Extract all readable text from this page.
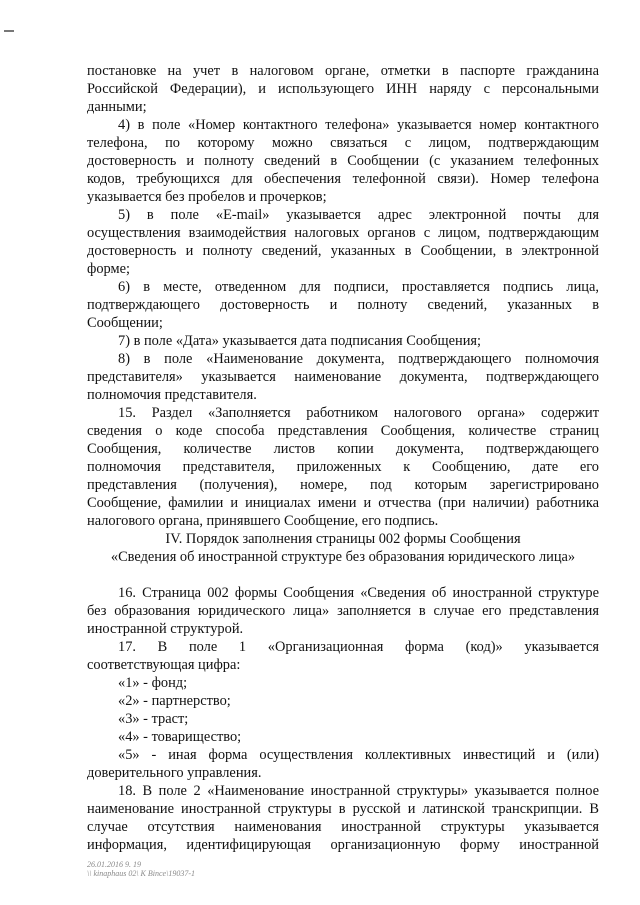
постановке на учет в налоговом органе, отметки в паспорте гражданина
Российской Федерации), и использующего ИНН наряду с персональными
данными;
4) в поле «Номер контактного телефона» указывается номер контактного
телефона, по которому можно связаться с лицом, подтверждающим
достоверность и полноту сведений в Сообщении (с указанием телефонных
кодов, требующихся для обеспечения телефонной связи). Номер телефона
указывается без пробелов и прочерков;
5) в поле «E-mail» указывается адрес электронной почты для
осуществления взаимодействия налоговых органов с лицом, подтверждающим
достоверность и полноту сведений, указанных в Сообщении, в электронной
форме;
6) в месте, отведенном для подписи, проставляется подпись лица,
подтверждающего достоверность и полноту сведений, указанных в
Сообщении;
7) в поле «Дата» указывается дата подписания Сообщения;
8) в поле «Наименование документа, подтверждающего полномочия
представителя» указывается наименование документа, подтверждающего
полномочия представителя.
15. Раздел «Заполняется работником налогового органа» содержит
сведения о коде способа представления Сообщения, количестве страниц
Сообщения, количестве листов копии документа, подтверждающего
полномочия представителя, приложенных к Сообщению, дате его
представления (получения), номере, под которым зарегистрировано
Сообщение, фамилии и инициалах имени и отчества (при наличии) работника
налогового органа, принявшего Сообщение, его подпись.
IV. Порядок заполнения страницы 002 формы Сообщения
«Сведения об иностранной структуре без образования юридического лица»
16. Страница 002 формы Сообщения «Сведения об иностранной структуре
без образования юридического лица» заполняется в случае его представления
иностранной структурой.
17. В поле 1 «Организационная форма (код)» указывается
соответствующая цифра:
«1» - фонд;
«2» - партнерство;
«3» - траст;
«4» - товарищество;
«5» - иная форма осуществления коллективных инвестиций и (или)
доверительного управления.
18. В поле 2 «Наименование иностранной структуры» указывается полное
наименование иностранной структуры в русской и латинской транскрипции. В
случае отсутствия наименования иностранной структуры указывается
информация, идентифицирующая организационную форму иностранной
26.01.2016 9. 19
\\ kinaphaus 02\ K Bince\19037-1
